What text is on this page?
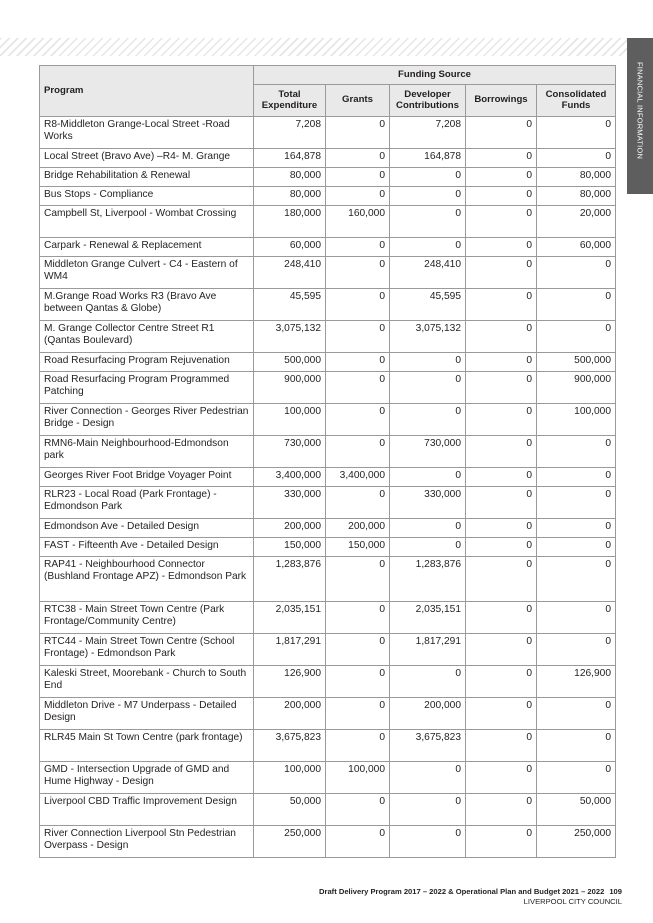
FINANCIAL INFORMATION
Program	Funding Source				
	Total Expenditure	Grants	Developer Contributions	Borrowings	Consolidated Funds
R8-Middleton Grange-Local Street -Road Works	7,208	0	7,208	0	0
Local Street (Bravo Ave) –R4- M. Grange	164,878	0	164,878	0	0
Bridge Rehabilitation & Renewal	80,000	0	0	0	80,000
Bus Stops - Compliance	80,000	0	0	0	80,000
Campbell St, Liverpool - Wombat Crossing	180,000	160,000	0	0	20,000
Carpark - Renewal & Replacement	60,000	0	0	0	60,000
Middleton Grange Culvert - C4 - Eastern of WM4	248,410	0	248,410	0	0
M.Grange Road Works R3 (Bravo Ave between Qantas & Globe)	45,595	0	45,595	0	0
M. Grange Collector Centre Street R1 (Qantas Boulevard)	3,075,132	0	3,075,132	0	0
Road Resurfacing Program Rejuvenation	500,000	0	0	0	500,000
Road Resurfacing Program Programmed Patching	900,000	0	0	0	900,000
River Connection - Georges River Pedestrian Bridge - Design	100,000	0	0	0	100,000
RMN6-Main Neighbourhood-Edmondson park	730,000	0	730,000	0	0
Georges River Foot Bridge Voyager Point	3,400,000	3,400,000	0	0	0
RLR23 - Local Road (Park Frontage) - Edmondson Park	330,000	0	330,000	0	0
Edmondson Ave - Detailed Design	200,000	200,000	0	0	0
FAST - Fifteenth Ave - Detailed Design	150,000	150,000	0	0	0
RAP41 - Neighbourhood Connector (Bushland Frontage APZ) - Edmondson Park	1,283,876	0	1,283,876	0	0
RTC38 - Main Street Town Centre (Park Frontage/Community Centre)	2,035,151	0	2,035,151	0	0
RTC44 - Main Street Town Centre (School Frontage) - Edmondson Park	1,817,291	0	1,817,291	0	0
Kaleski Street, Moorebank - Church to South End	126,900	0	0	0	126,900
Middleton Drive - M7 Underpass - Detailed Design	200,000	0	200,000	0	0
RLR45 Main St Town Centre (park frontage)	3,675,823	0	3,675,823	0	0
GMD - Intersection Upgrade of GMD and Hume Highway - Design	100,000	100,000	0	0	0
Liverpool CBD Traffic Improvement Design	50,000	0	0	0	50,000
River Connection Liverpool Stn Pedestrian Overpass - Design	250,000	0	0	0	250,000
Draft Delivery Program 2017 – 2022 & Operational Plan and Budget 2021 – 2022 109
LIVERPOOL CITY COUNCIL
